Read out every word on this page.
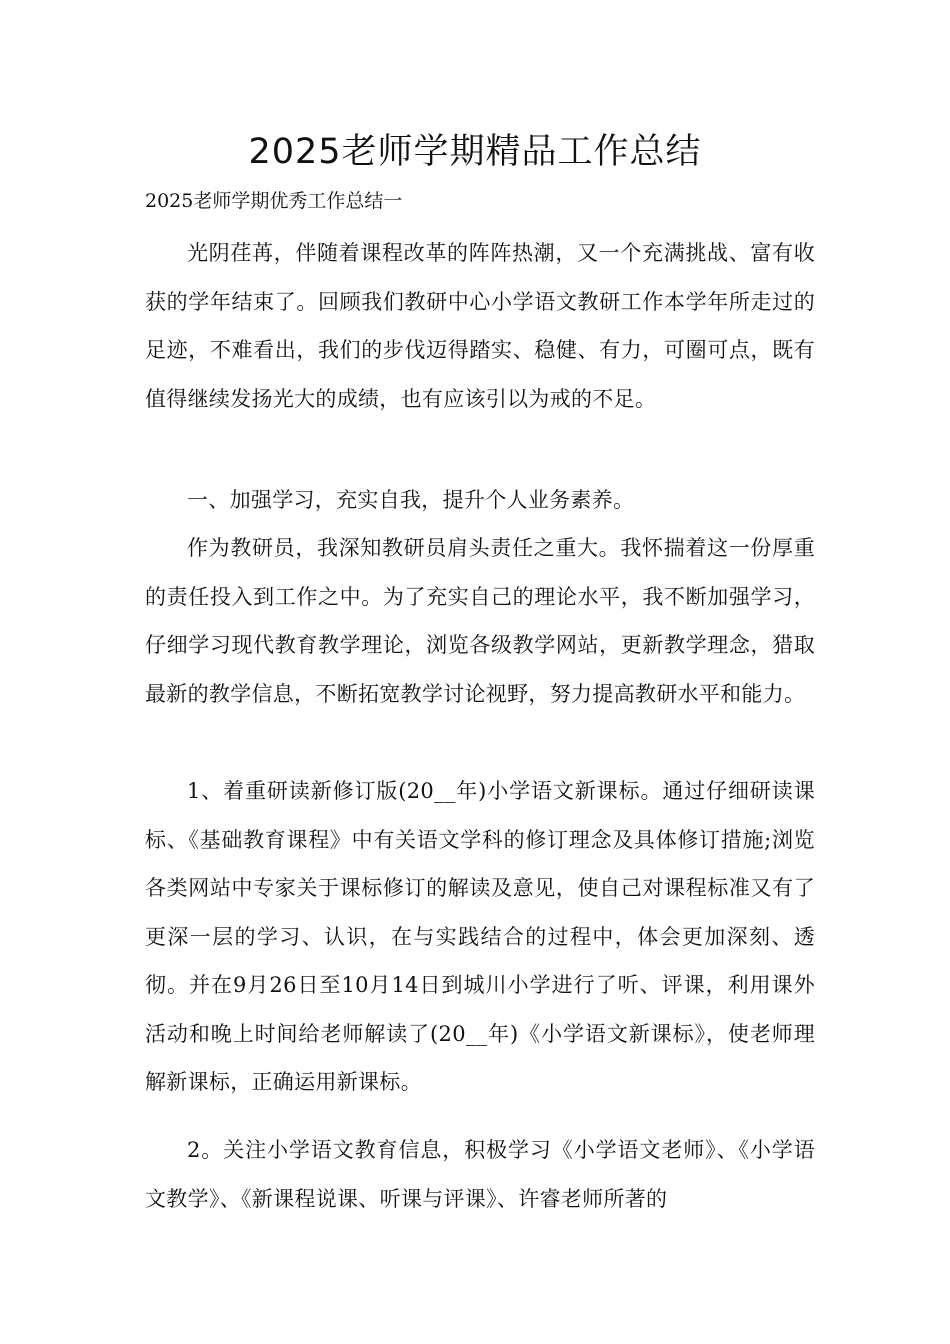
2025老师学期精品工作总结

2025老师学期优秀工作总结一

光阴荏苒，伴随着课程改革的阵阵热潮，又一个充满挑战、富有收获的学年结束了。回顾我们教研中心小学语文教研工作本学年所走过的足迹，不难看出，我们的步伐迈得踏实、稳健、有力，可圈可点，既有值得继续发扬光大的成绩，也有应该引以为戒的不足。

一、加强学习，充实自我，提升个人业务素养。

作为教研员，我深知教研员肩头责任之重大。我怀揣着这一份厚重的责任投入到工作之中。为了充实自己的理论水平，我不断加强学习，仔细学习现代教育教学理论，浏览各级教学网站，更新教学理念，猎取最新的教学信息，不断拓宽教学讨论视野，努力提高教研水平和能力。

1、着重研读新修订版(20__年)小学语文新课标。通过仔细研读课标、《基础教育课程》中有关语文学科的修订理念及具体修订措施;浏览各类网站中专家关于课标修订的解读及意见，使自己对课程标准又有了更深一层的学习、认识，在与实践结合的过程中，体会更加深刻、透彻。并在9月26日至10月14日到城川小学进行了听、评课，利用课外活动和晚上时间给老师解读了(20__年)《小学语文新课标》，使老师理解新课标，正确运用新课标。

2。关注小学语文教育信息，积极学习《小学语文老师》、《小学语文教学》、《新课程说课、听课与评课》、许睿老师所著的
